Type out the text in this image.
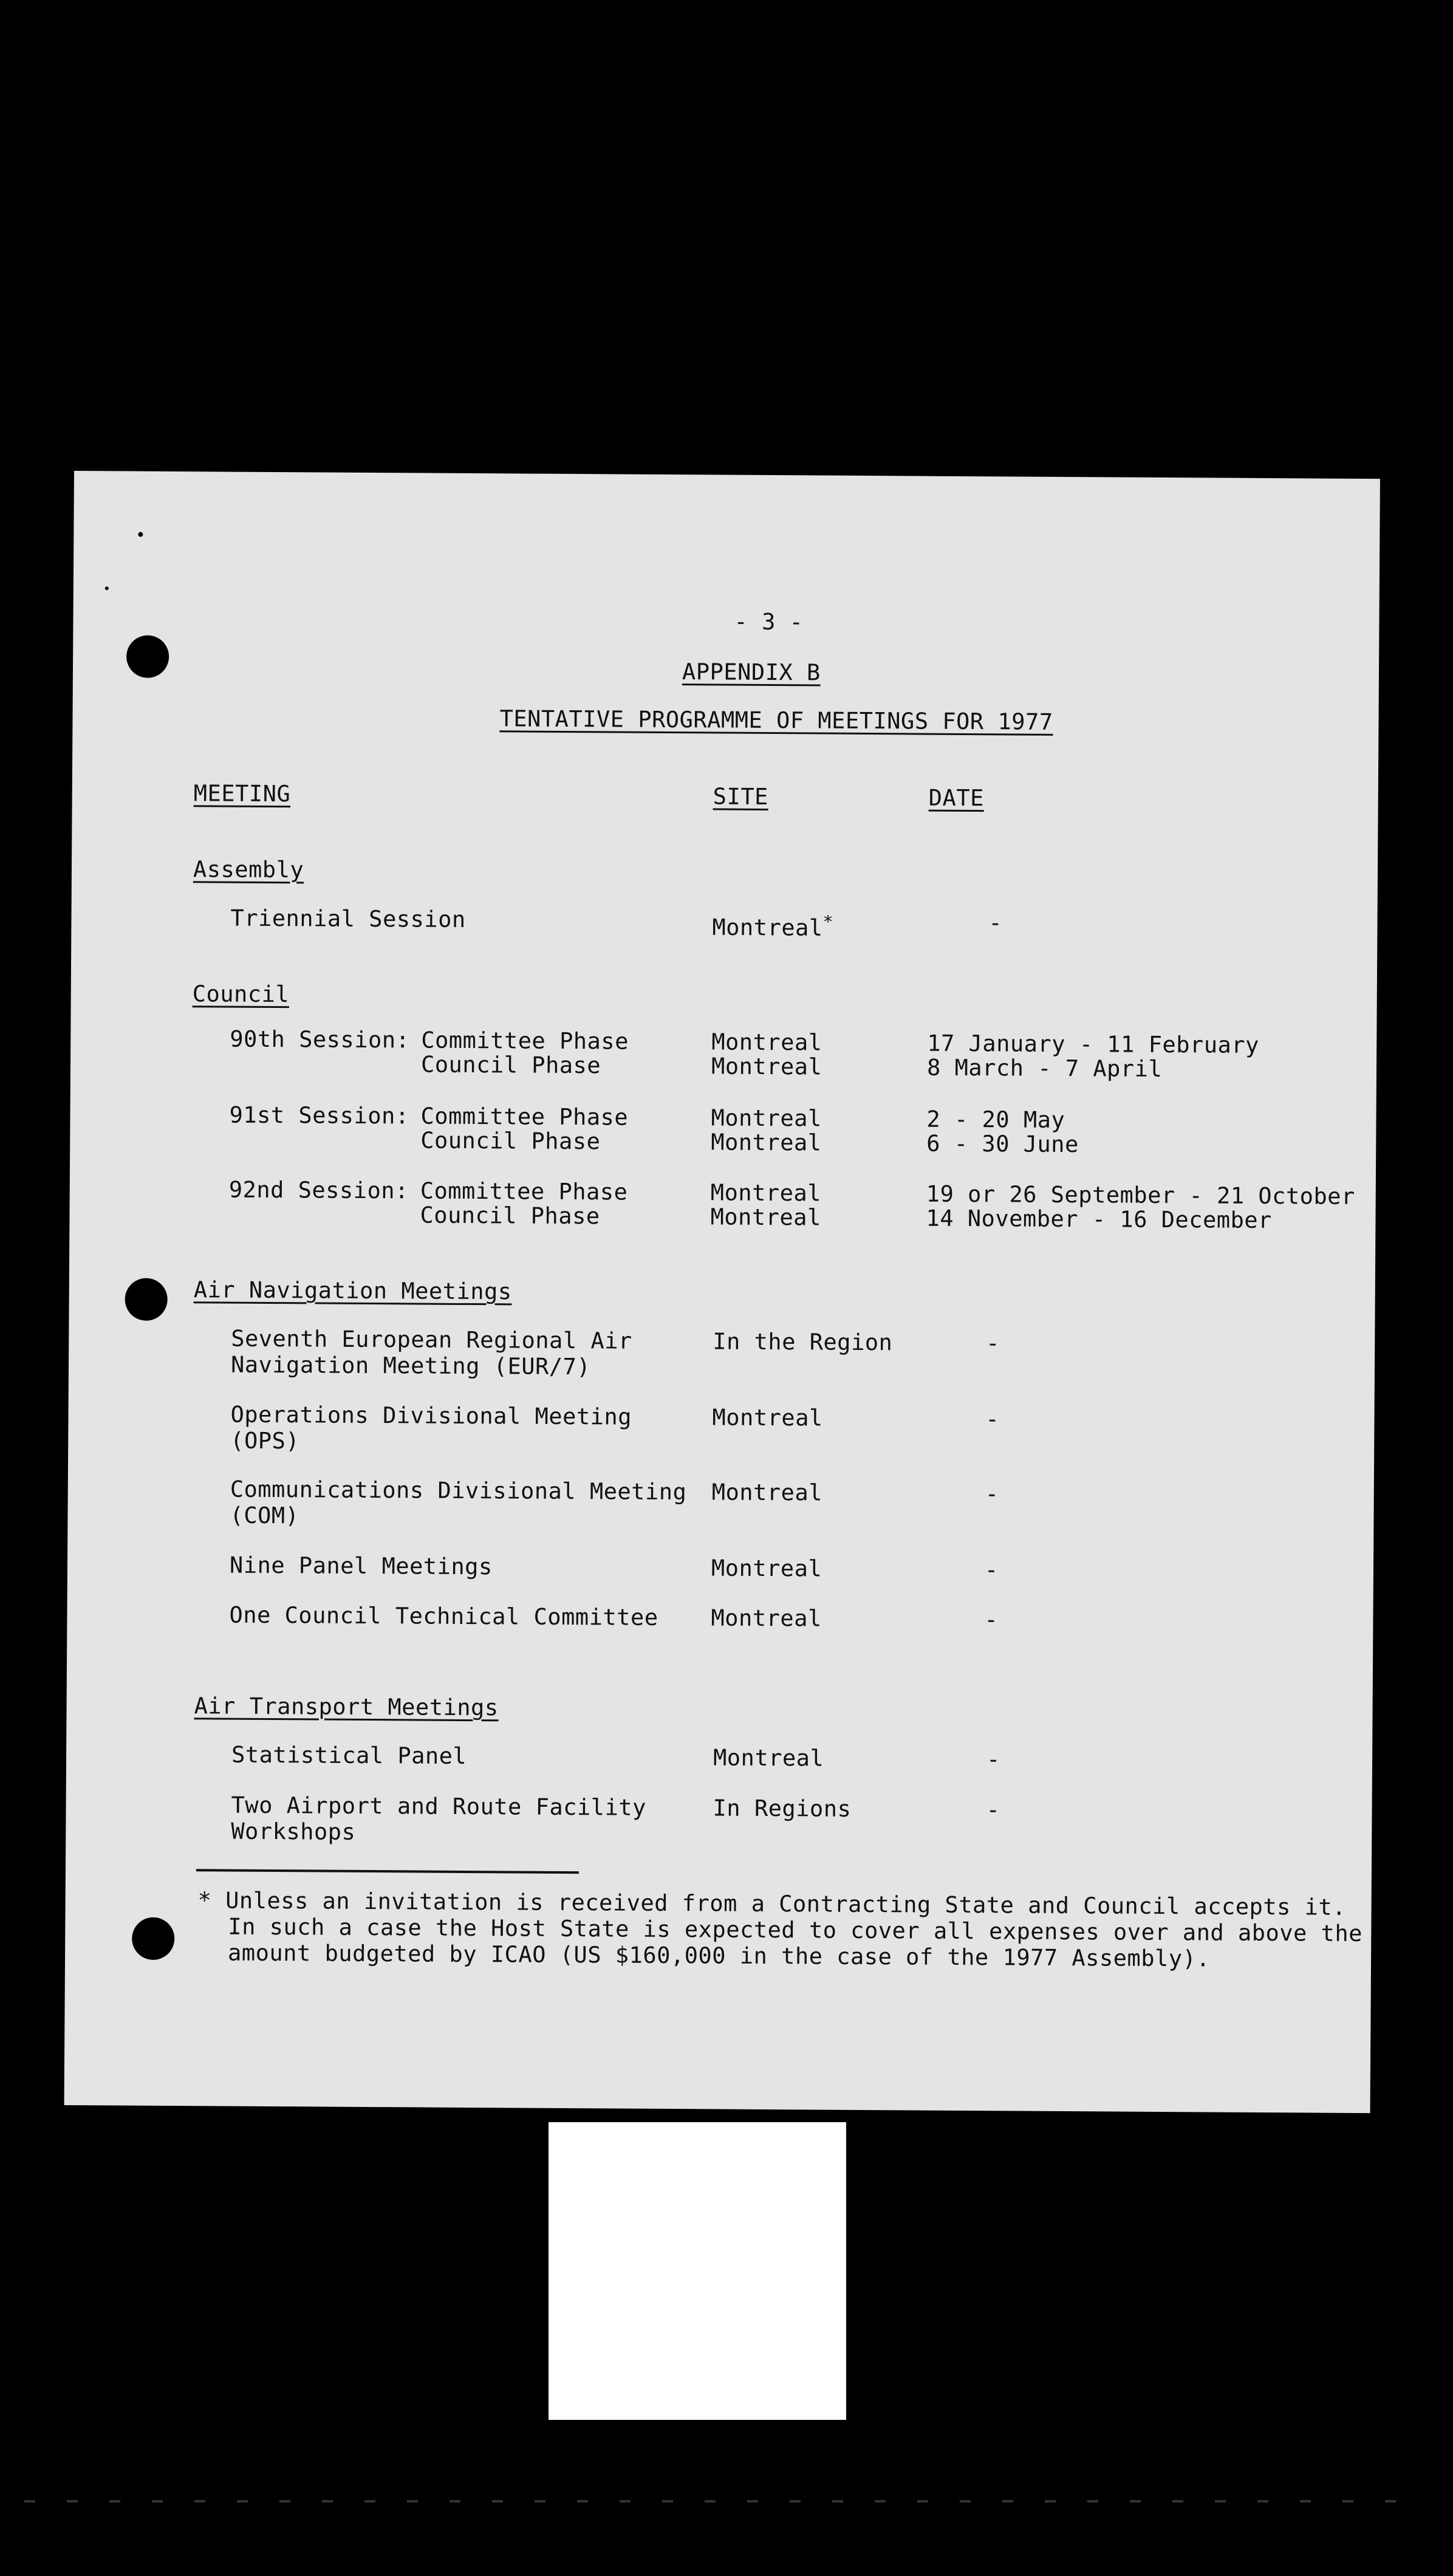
- 3 -
APPENDIX B
TENTATIVE PROGRAMME OF MEETINGS FOR 1977
MEETING	SITE	DATE
Assembly
Triennial Session	Montreal*	-
Council
90th Session: Committee Phase	Montreal	17 January - 11 February
Council Phase	Montreal	8 March - 7 April
91st Session: Committee Phase	Montreal	2 - 20 May
Council Phase	Montreal	6 - 30 June
92nd Session: Committee Phase	Montreal	19 or 26 September - 21 October
Council Phase	Montreal	14 November - 16 December
Air Navigation Meetings
Seventh European Regional Air
Navigation Meeting (EUR/7)
In the Region	-
Operations Divisional Meeting
(OPS)
Montreal	-
Communications Divisional Meeting
(COM)
Montreal	-
Nine Panel Meetings	Montreal	-
One Council Technical Committee Montreal	-
Air Transport Meetings
Statistical Panel	Montreal	-
Two Airport and Route Facility
Workshops
In Regions	-
* Unless an invitation is received from a Contracting State and Council accepts it.
In such a case the Host State is expected to cover all expenses over and above the
amount budgeted by ICAO (US $160,000 in the case of the 1977 Assembly).
